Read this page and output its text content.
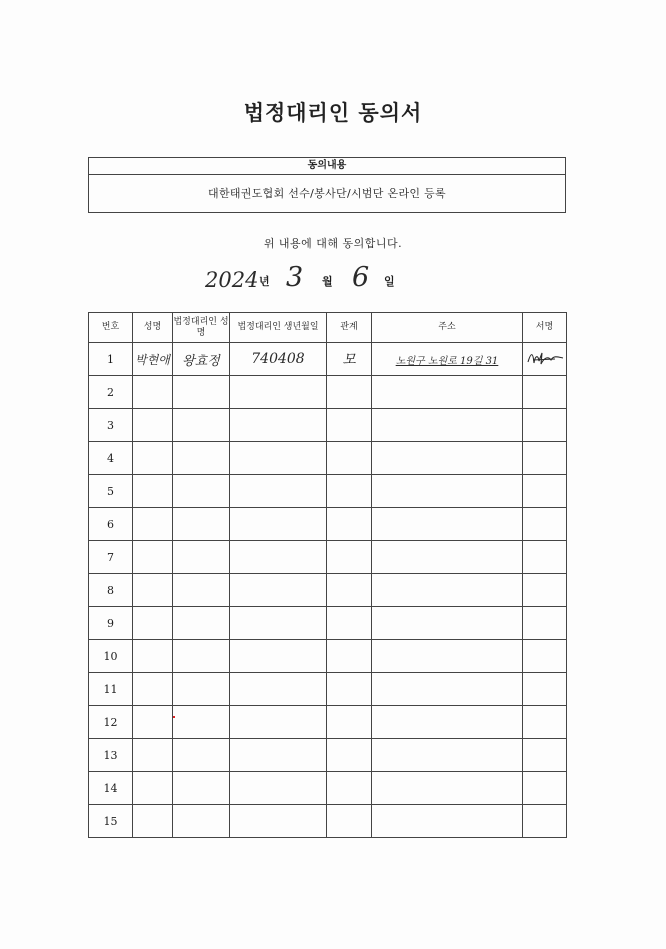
법정대리인 동의서
동의내용
대한태권도협회 선수/봉사단/시범단 온라인 등록
위 내용에 대해 동의합니다.
2024 년 3 월 6 일
번호	성명	법정대리인 성명	법정대리인 생년월일	관계	주소	서명
1	박현애	왕효정	740408	모	노원구 노원로 19길 31	

2						
3						
4						
5						
6						
7						
8						
9						
10						
11						
12						
13						
14						
15						
